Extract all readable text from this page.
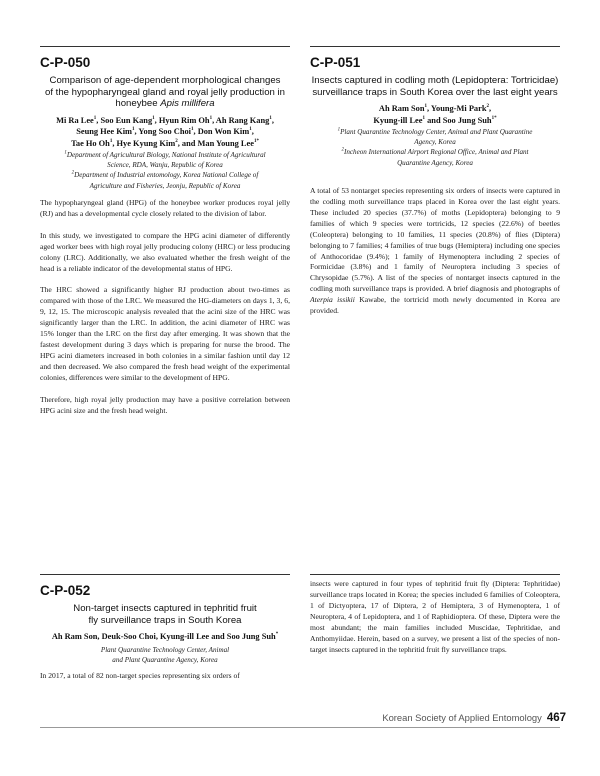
C-P-050
Comparison of age-dependent morphological changes
of the hypopharyngeal gland and royal jelly production in
honeybee Apis millifera
Mi Ra Lee$^1$, Soo Eun Kang$^1$, Hyun Rim Oh$^1$, Ah Rang Kang$^1$,
Seung Hee Kim$^1$, Yong Soo Choi$^1$, Don Won Kim$^1$,
Tae Ho Oh$^1$, Hye Kyung Kim$^2$, and Man Young Lee$^{1*}$
$^1$Department of Agricultural Biology, National Institute of Agricultural
Science, RDA, Wanju, Republic of Korea
$^2$Department of Industrial entomology, Korea National College of
Agriculture and Fisheries, Jeonju, Republic of Korea

The hypopharyngeal gland (HPG) of the honeybee worker produces royal jelly (RJ) and has a developmental cycle closely related to the division of labor.

In this study, we investigated to compare the HPG acini diameter of differently aged worker bees with high royal jelly producing colony (HRC) or less producing colony (LRC). Additionally, we also evaluated whether the fresh weight of the head is a reliable indicator of the developmental status of HPG.

The HRC showed a significantly higher RJ production about two-times as compared with those of the LRC. We measured the HG-diameters on days 1, 3, 6, 9, 12, 15. The microscopic analysis revealed that the acini size of the HRC was significantly larger than the LRC. In addition, the acini diameter of HRC was 15% longer than the LRC on the first day after emerging. It was shown that the fastest development during 3 days which is preparing for nurse the brood. The HPG acini diameters increased in both colonies in a similar fashion until day 12 and then decreased. We also compared the fresh head weight of the experimental colonies, differences were similar to the development of HPG.

Therefore, high royal jelly production may have a positive correlation between HPG acini size and the fresh head weight.

C-P-051
Insects captured in codling moth (Lepidoptera: Tortricidae)
surveillance traps in South Korea over the last eight years
Ah Ram Son$^1$, Young-Mi Park$^2$,
Kyung-ill Lee$^1$ and Soo Jung Suh$^{1*}$
$^1$Plant Quarantine Technology Center, Animal and Plant Quarantine
Agency, Korea
$^2$Incheon International Airport Regional Office, Animal and Plant
Quarantine Agency, Korea

A total of 53 nontarget species representing six orders of insects were captured in the codling moth surveillance traps placed in Korea over the last eight years. These included 20 species (37.7%) of moths (Lepidoptera) belonging to 9 families of which 9 species were tortricids, 12 species (22.6%) of beetles (Coleoptera) belonging to 10 families, 11 species (20.8%) of flies (Diptera) belonging to 7 families; 4 families of true bugs (Hemiptera) including one species of Anthocoridae (9.4%); 1 family of Hymenoptera including 2 species of Formicidae (3.8%) and 1 family of Neuroptera including 3 species of Chrysopidae (5.7%). A list of the species of nontarget insects captured in the codling moth surveillance traps is provided. A brief diagnosis and photographs of Aterpia issikii Kawabe, the tortricid moth newly documented in Korea are provided.

C-P-052
Non-target insects captured in tephritid fruit
fly surveillance traps in South Korea
Ah Ram Son, Deuk-Soo Choi, Kyung-ill Lee and Soo Jung Suh*
Plant Quarantine Technology Center, Animal
and Plant Quarantine Agency, Korea

In 2017, a total of 82 non-target species representing six orders of

insects were captured in four types of tephritid fruit fly (Diptera: Tephritidae) surveillance traps located in Korea; the species included 6 families of Coleoptera, 1 of Dictyoptera, 17 of Diptera, 2 of Hemiptera, 3 of Hymenoptera, 1 of Neuroptera, 4 of Lepidoptera, and 1 of Raphidioptera. Of these, Diptera were the most abundant; the main families included Muscidae, Tephritidae, and Anthomyiidae. Herein, based on a survey, we present a list of the species of non-target insects captured in the tephritid fruit fly surveillance traps.

Korean Society of Applied Entomology 467
